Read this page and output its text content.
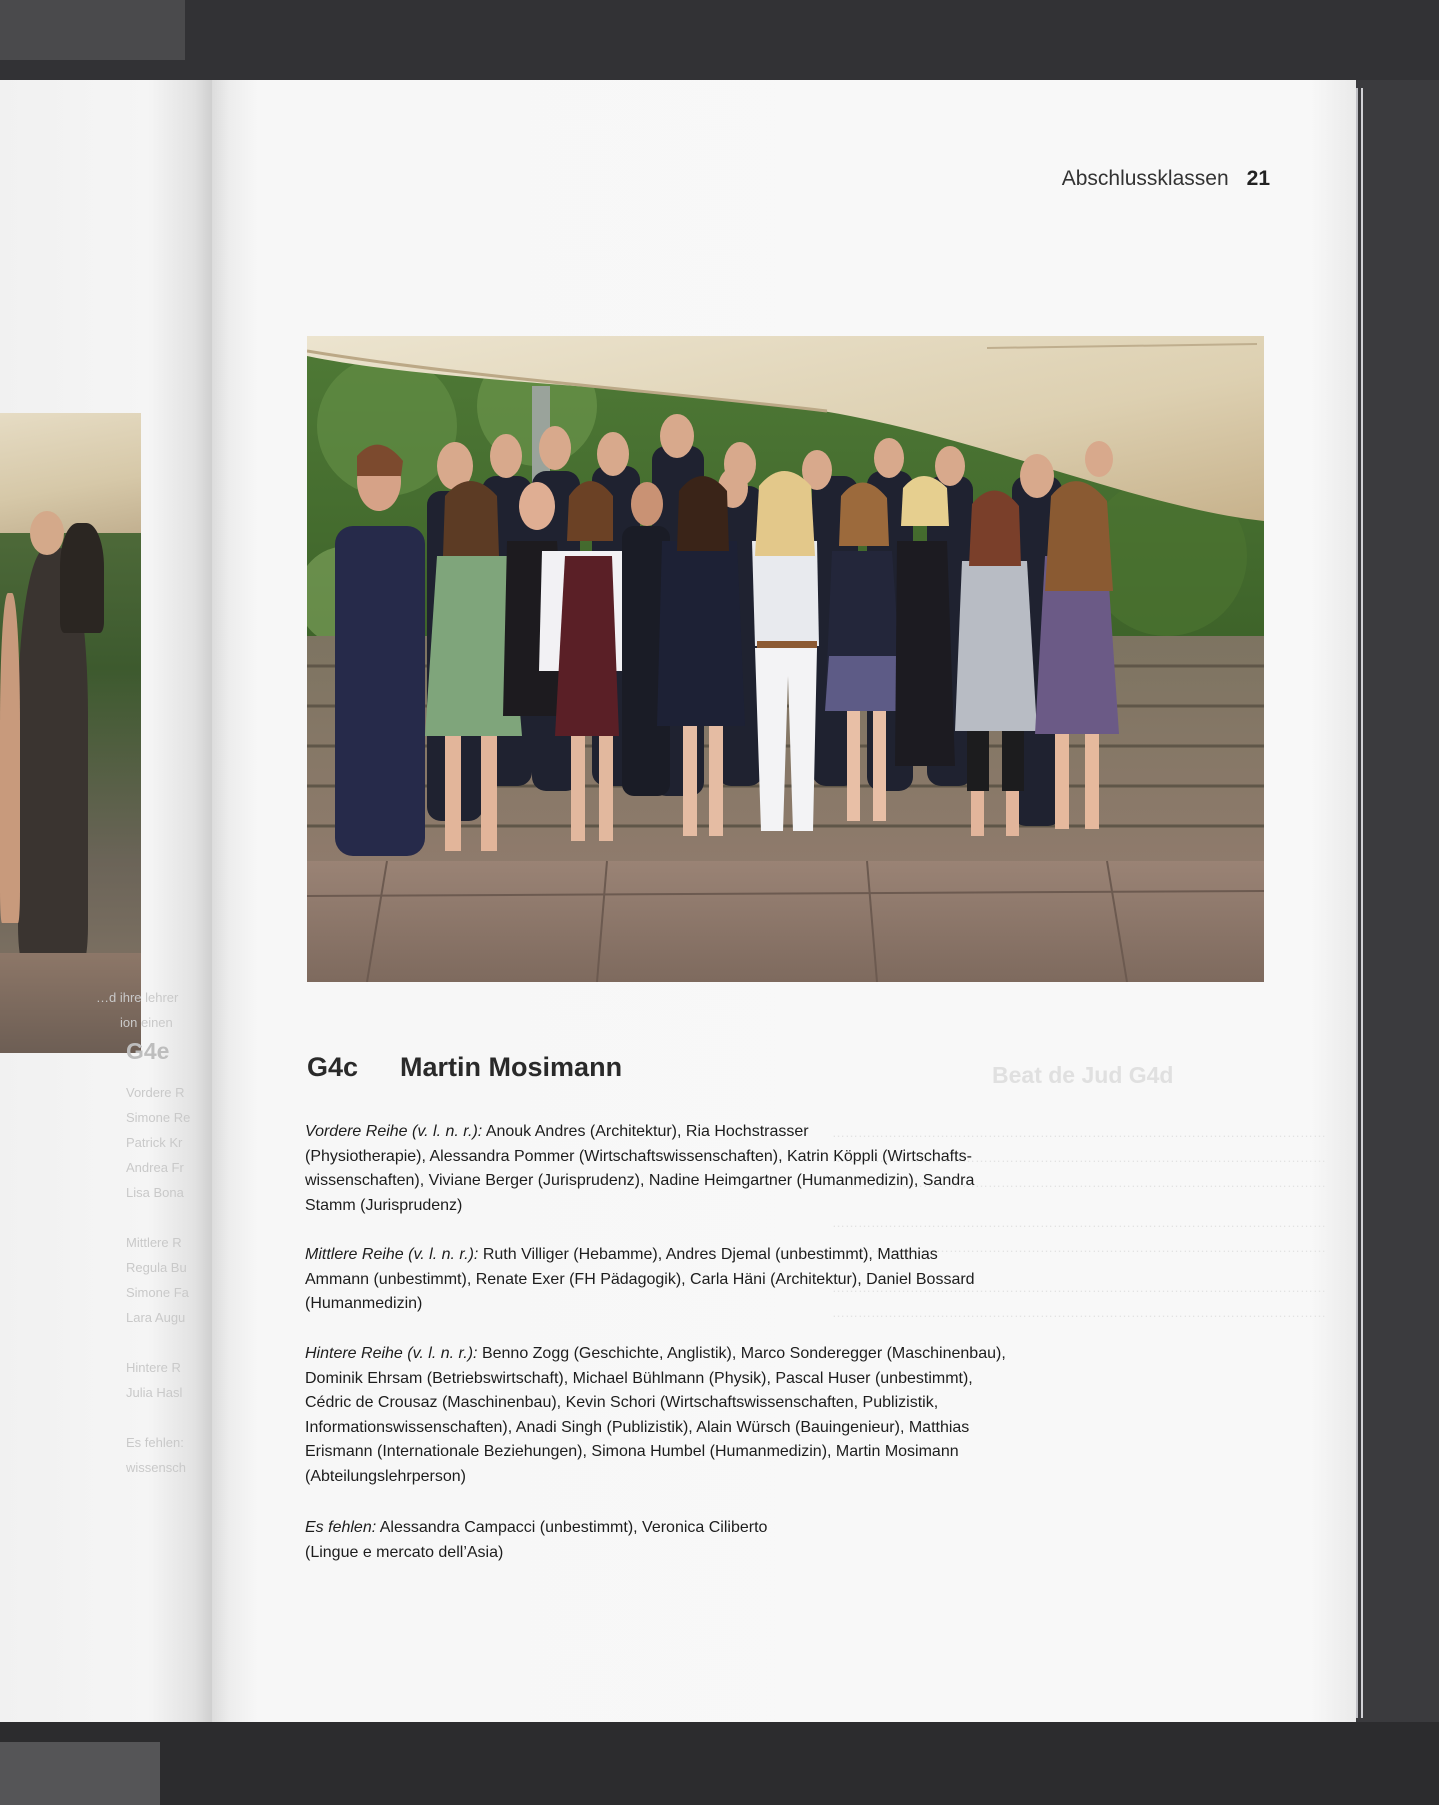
…d ihre lehrer
ion einen
G4e
Vordere R
Simone Re
Patrick Kr
Andrea Fr
Lisa Bona
Mittlere R
Regula Bu
Simone Fa
Lara Augu
Hintere R
Julia Hasl
Es fehlen:
wissensch
Beat de Jud G4d
……………………………………………………………………………………………………
……………………………………………………………………………………………………
……………………………………………………………………………………………………
……………………………………………………………………………………………………
……………………………………………………………………………………………………
……………………………………………………………………………………………………
……………………………………………………………………………………………………
Abschlussklassen 21
G4c Martin Mosimann
Vordere Reihe (v. l. n. r.): Anouk Andres (Architektur), Ria Hochstrasser
(Physiotherapie), Alessandra Pommer (Wirtschaftswissenschaften), Katrin Köppli (Wirtschafts-
wissenschaften), Viviane Berger (Jurisprudenz), Nadine Heimgartner (Humanmedizin), Sandra
Stamm (Jurisprudenz)
Mittlere Reihe (v. l. n. r.): Ruth Villiger (Hebamme), Andres Djemal (unbestimmt), Matthias
Ammann (unbestimmt), Renate Exer (FH Pädagogik), Carla Häni (Architektur), Daniel Bossard
(Humanmedizin)
Hintere Reihe (v. l. n. r.): Benno Zogg (Geschichte, Anglistik), Marco Sonderegger (Maschinenbau),
Dominik Ehrsam (Betriebswirtschaft), Michael Bühlmann (Physik), Pascal Huser (unbestimmt),
Cédric de Crousaz (Maschinenbau), Kevin Schori (Wirtschaftswissenschaften, Publizistik,
Informationswissenschaften), Anadi Singh (Publizistik), Alain Würsch (Bauingenieur), Matthias
Erismann (Internationale Beziehungen), Simona Humbel (Humanmedizin), Martin Mosimann
(Abteilungslehrperson)
Es fehlen: Alessandra Campacci (unbestimmt), Veronica Ciliberto
(Lingue e mercato dell’Asia)
